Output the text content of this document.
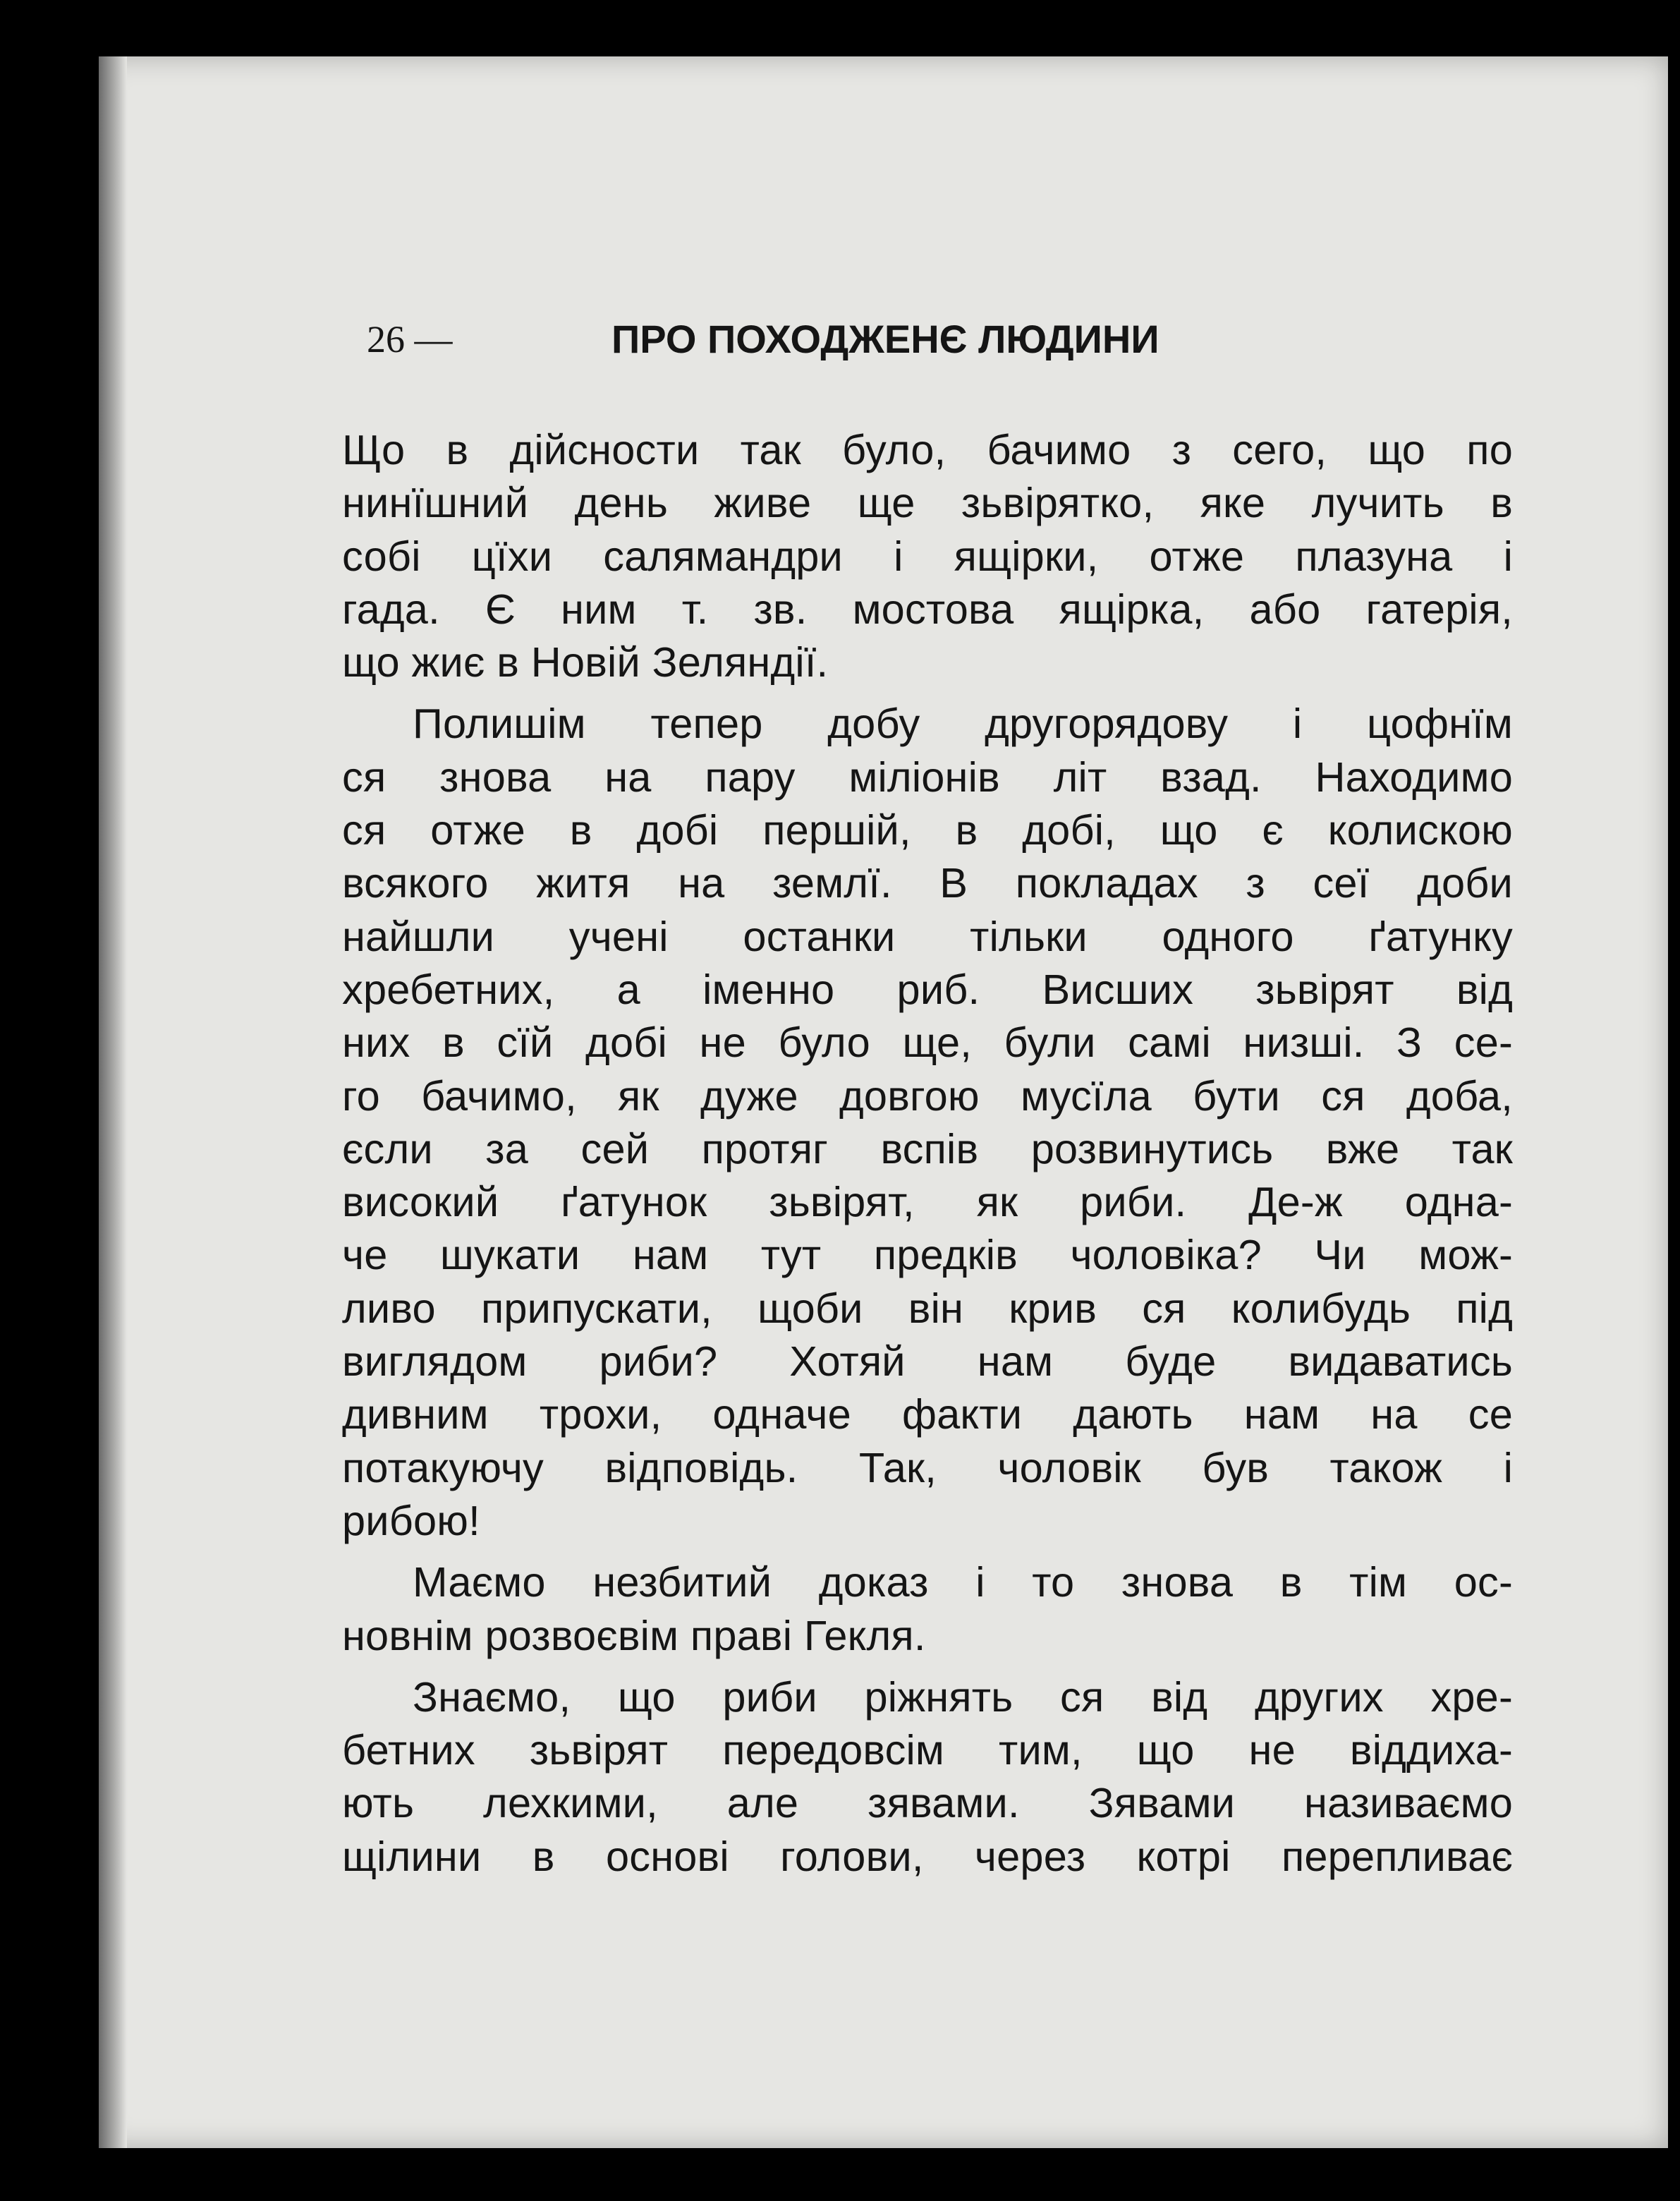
26 —	ПРО ПОХОДЖЕНЄ ЛЮДИНИ
Що в дійсности так було, бачимо з сего, що по
нинїшний день живе ще зьвірятко, яке лучить в
собі цїхи салямандри і ящірки, отже плазуна і
гада. Є ним т. зв. мостова ящірка, або гатерія,
що жиє в Новій Зеляндії.
Полишім тепер добу другорядову і цофнїм
ся знова на пару міліонів літ взад. Находимо
ся отже в добі першій, в добі, що є колискою
всякого житя на землї. В покладах з сеї доби
найшли учені останки тільки одного ґатунку
хребетних, а іменно риб. Висших зьвірят від
них в сїй добі не було ще, були самі низші. З се-
го бачимо, як дуже довгою мусїла бути ся доба,
єсли за сей протяг вспів розвинутись вже так
високий ґатунок зьвірят, як риби. Де-ж одна-
че шукати нам тут предків чоловіка? Чи мож-
ливо припускати, щоби він крив ся колибудь під
виглядом риби? Хотяй нам буде видаватись
дивним трохи, одначе факти дають нам на се
потакуючу відповідь. Так, чоловік був також і
рибою!
Маємо незбитий доказ і то знова в тім ос-
новнім розвоєвім праві Гекля.
Знаємо, що риби ріжнять ся від других хре-
бетних зьвірят передовсім тим, що не віддиха-
ють лехкими, але зявами. Зявами називаємо
щілини в основі голови, через котрі перепливає
